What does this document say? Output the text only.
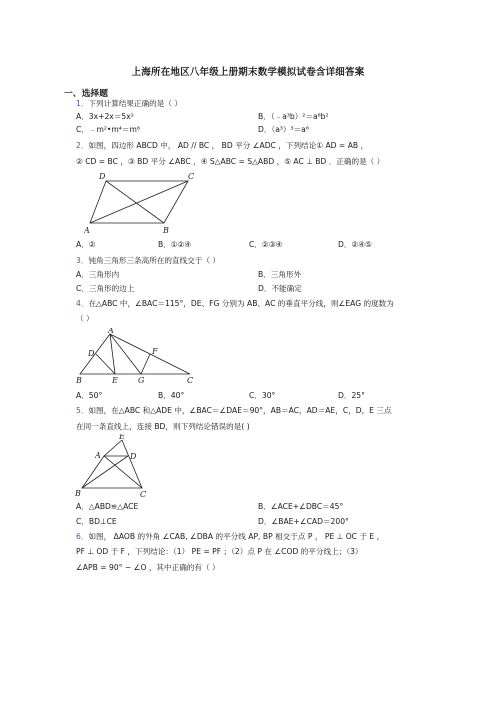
上海所在地区八年级上册期末数学模拟试卷含详细答案
一、选择题
1．下列计算结果正确的是（ ）
A．3x+2x＝5x²	B．（﹣a³b）²＝a⁶b²
C．﹣m²•m⁴＝m⁶	D．（a³）³＝a⁶
2．如图，四边形 ABCD 中， AD // BC ， BD 平分 ∠ADC ，下列结论① AD = AB ，
② CD = BC ，③ BD 平分 ∠ABC ，④ S△ABC = S△ABD ，⑤ AC ⊥ BD ．正确的是（ ）
D	C
A	B
A．②	B．①②④	C．②③④	D．②④⑤
3．钝角三角形三条高所在的直线交于（ ）
A．三角形内	B．三角形外
C．三角形的边上	D．不能确定
4．在△ABC 中，∠BAC＝115°，DE、FG 分别为 AB、AC 的垂直平分线，则∠EAG 的度数为
（ ）
A
D	F
B	E	G	C
A．50°	B．40°	C．30°	D．25°
5．如图，在△ABC 和△ADE 中，∠BAC＝∠DAE＝90°，AB＝AC，AD＝AE，C，D，E 三点
在同一条直线上，连接 BD，则下列结论错误的是( )
E
A	D
B	C
A．△ABD≌△ACE	B．∠ACE+∠DBC＝45°
C．BD⊥CE	D．∠BAE+∠CAD＝200°
6．如图， ΔAOB 的外角 ∠CAB, ∠DBA 的平分线 AP, BP 相交于点 P ， PE ⊥ OC 于 E ，
PF ⊥ OD 于 F ，下列结论：（1） PE = PF ；（2）点 P 在 ∠COD 的平分线上；（3）
∠APB = 90° − ∠O ，其中正确的有（ ）
